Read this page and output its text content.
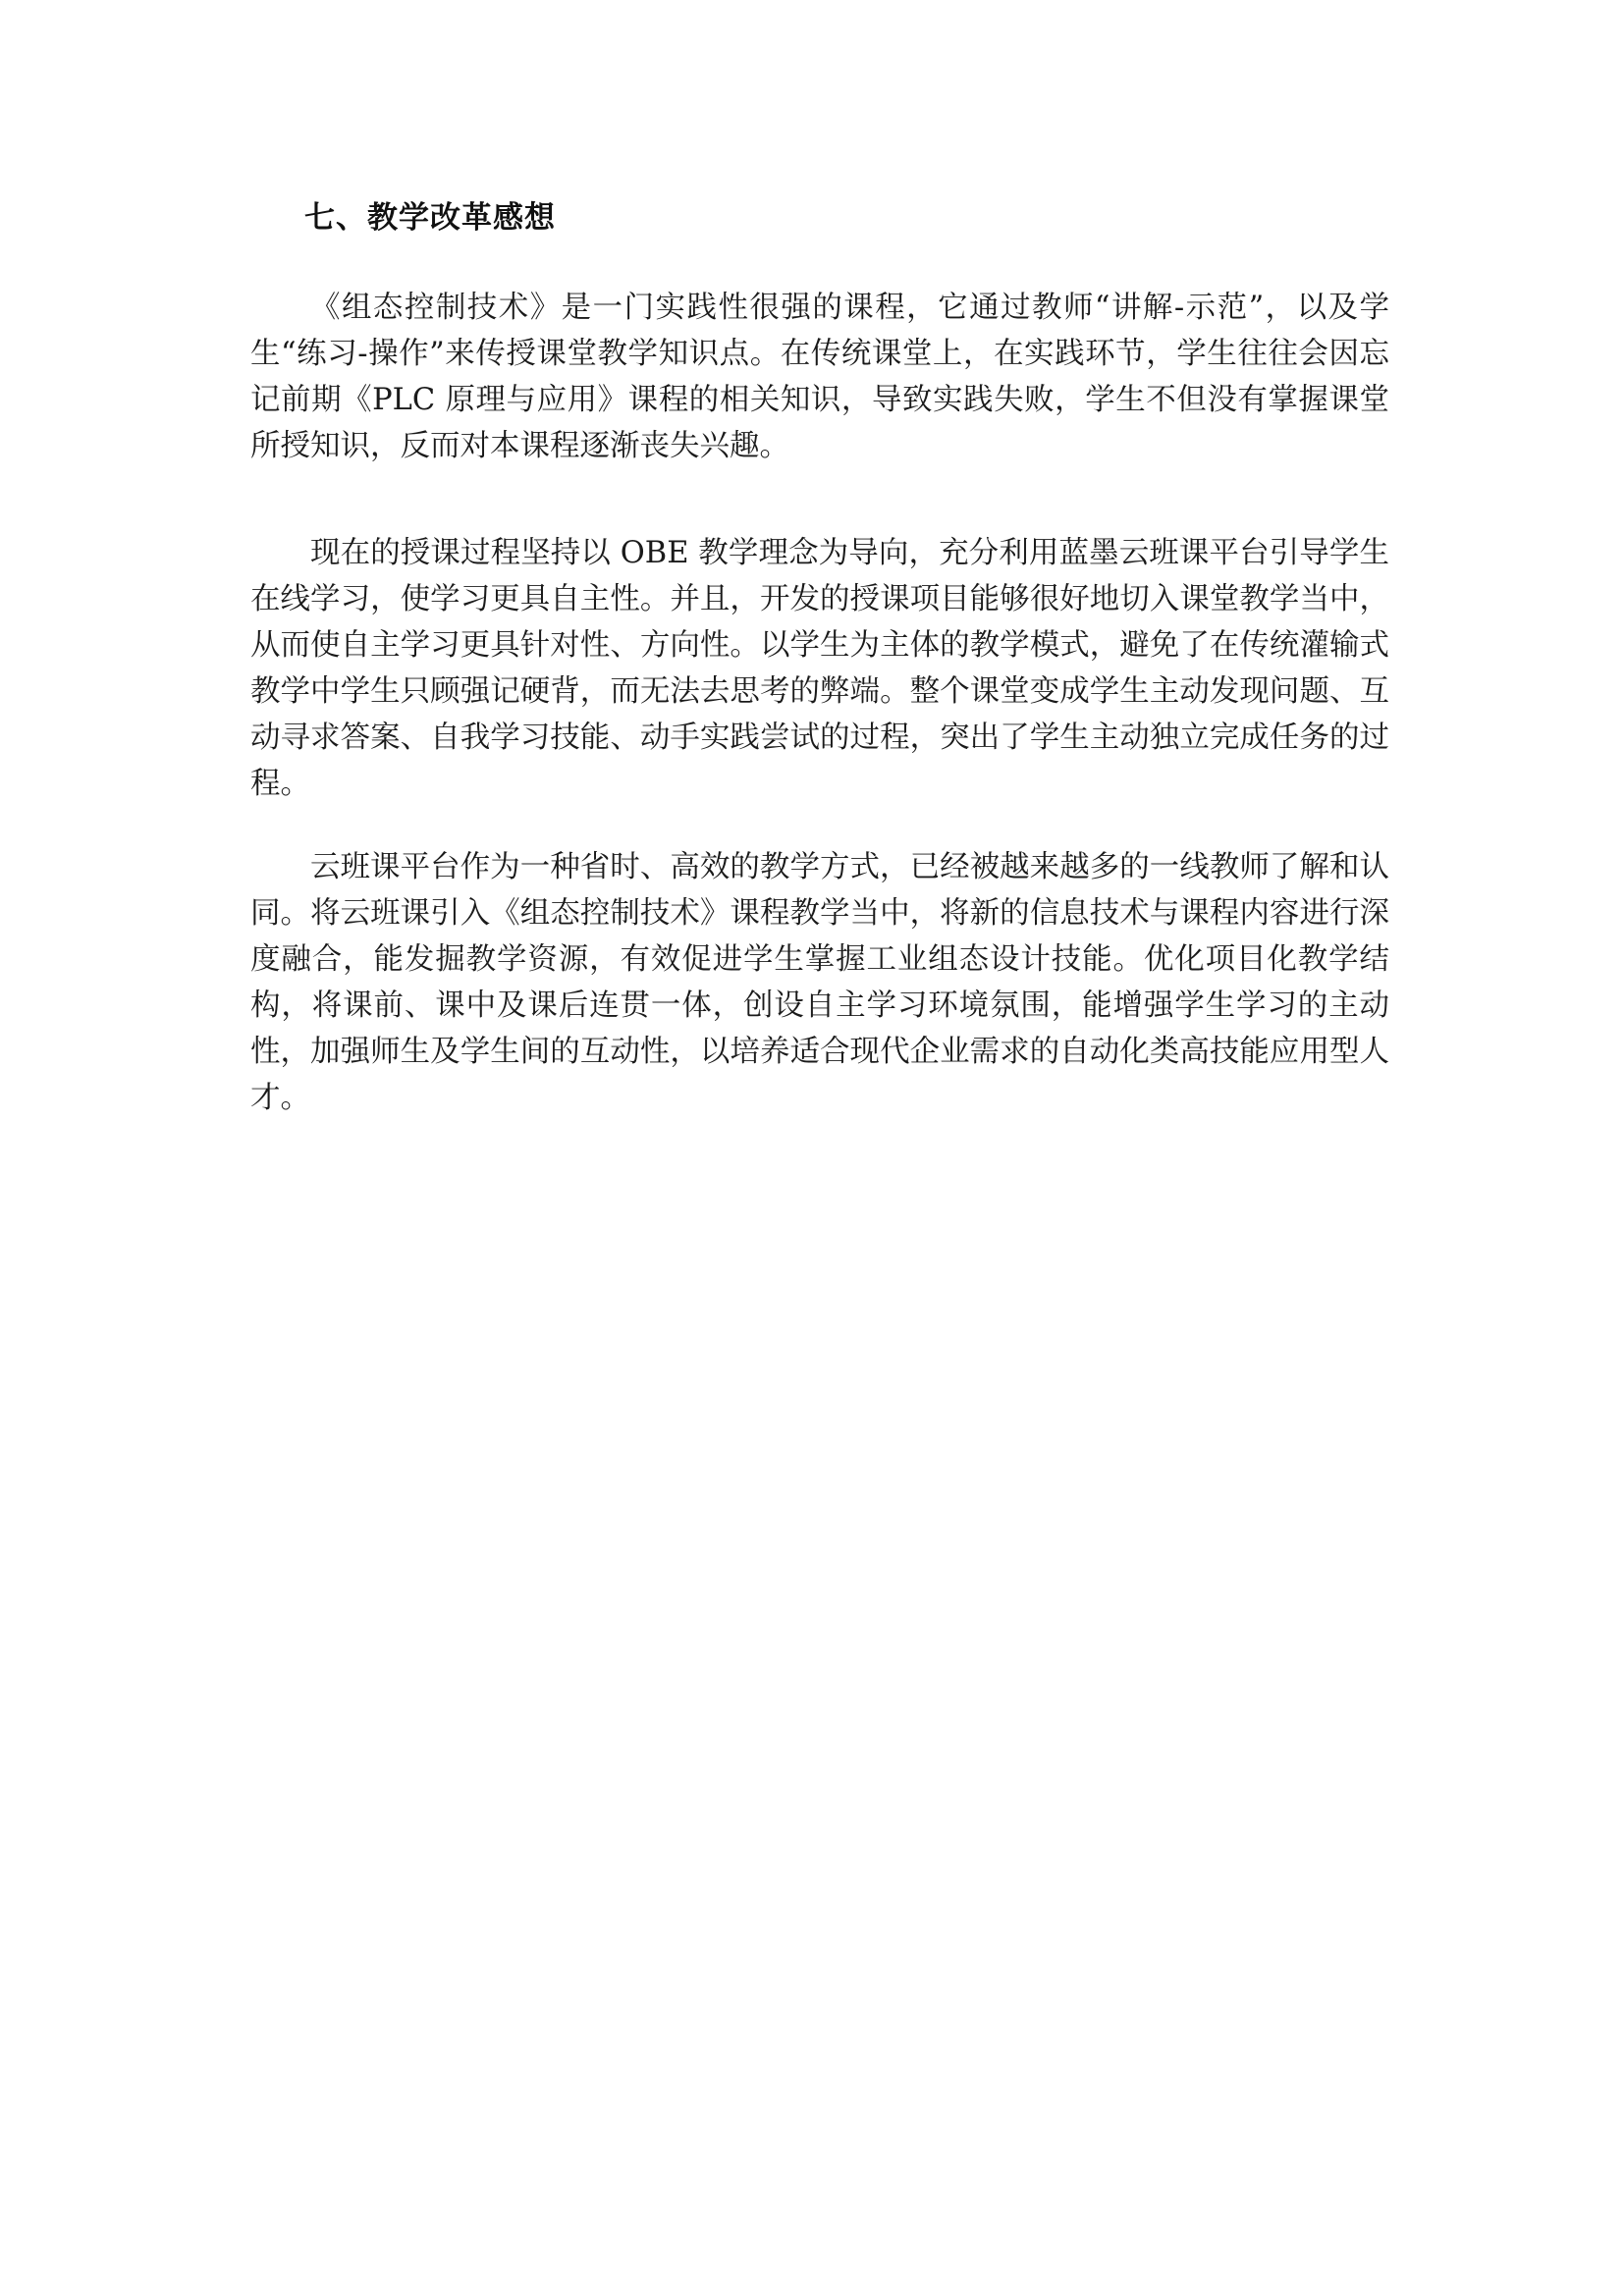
七、教学改革感想

《组态控制技术》是一门实践性很强的课程，它通过教师“讲解-示范”，以及学生“练习-操作”来传授课堂教学知识点。在传统课堂上，在实践环节，学生往往会因忘记前期《PLC 原理与应用》课程的相关知识，导致实践失败，学生不但没有掌握课堂所授知识，反而对本课程逐渐丧失兴趣。

现在的授课过程坚持以 OBE 教学理念为导向，充分利用蓝墨云班课平台引导学生在线学习，使学习更具自主性。并且，开发的授课项目能够很好地切入课堂教学当中，从而使自主学习更具针对性、方向性。以学生为主体的教学模式，避免了在传统灌输式教学中学生只顾强记硬背，而无法去思考的弊端。整个课堂变成学生主动发现问题、互动寻求答案、自我学习技能、动手实践尝试的过程，突出了学生主动独立完成任务的过程。

云班课平台作为一种省时、高效的教学方式，已经被越来越多的一线教师了解和认同。将云班课引入《组态控制技术》课程教学当中，将新的信息技术与课程内容进行深度融合，能发掘教学资源，有效促进学生掌握工业组态设计技能。优化项目化教学结构，将课前、课中及课后连贯一体，创设自主学习环境氛围，能增强学生学习的主动性，加强师生及学生间的互动性，以培养适合现代企业需求的自动化类高技能应用型人才。
